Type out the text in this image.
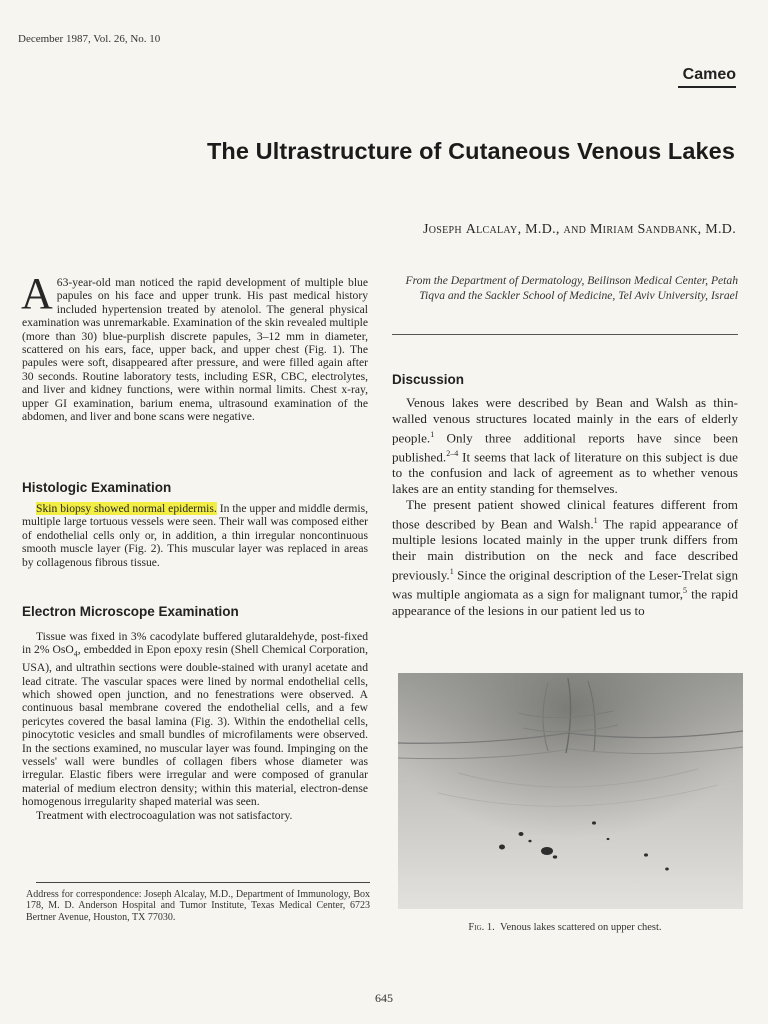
December 1987, Vol. 26, No. 10
Cameo
The Ultrastructure of Cutaneous Venous Lakes
Joseph Alcalay, M.D., and Miriam Sandbank, M.D.
A 63-year-old man noticed the rapid development of multiple blue papules on his face and upper trunk. His past medical history included hypertension treated by atenolol. The general physical examination was unremarkable. Examination of the skin revealed multiple (more than 30) blue-purplish discrete papules, 3–12 mm in diameter, scattered on his ears, face, upper back, and upper chest (Fig. 1). The papules were soft, disappeared after pressure, and were filled again after 30 seconds. Routine laboratory tests, including ESR, CBC, electrolytes, and liver and kidney functions, were within normal limits. Chest x-ray, upper GI examination, barium enema, ultrasound examination of the abdomen, and liver and bone scans were negative.
Histologic Examination

Skin biopsy showed normal epidermis. In the upper and middle dermis, multiple large tortuous vessels were seen. Their wall was composed either of endothelial cells only or, in addition, a thin irregular noncontinuous smooth muscle layer (Fig. 2). This muscular layer was replaced in areas by collagenous fibrous tissue.

Electron Microscope Examination

Tissue was fixed in 3% cacodylate buffered glutaraldehyde, post-fixed in 2% OsO$_4$, embedded in Epon epoxy resin (Shell Chemical Corporation, USA), and ultrathin sections were double-stained with uranyl acetate and lead citrate. The vascular spaces were lined by normal endothelial cells, which showed open junction, and no fenestrations were observed. A continuous basal membrane covered the endothelial cells, and a few pericytes covered the basal lamina (Fig. 3). Within the endothelial cells, pinocytotic vesicles and small bundles of microfilaments were observed. In the sections examined, no muscular layer was found. Impinging on the vessels' wall were bundles of collagen fibers whose diameter was irregular. Elastic fibers were irregular and were composed of granular material of medium electron density; within this material, electron-dense homogenous irregularity shaped material was seen.

Treatment with electrocoagulation was not satisfactory.

Address for correspondence: Joseph Alcalay, M.D., Department of Immunology, Box 178, M. D. Anderson Hospital and Tumor Institute, Texas Medical Center, 6723 Bertner Avenue, Houston, TX 77030.
From the Department of Dermatology, Beilinson Medical Center, Petah Tiqva and the Sackler School of Medicine, Tel Aviv University, Israel
Discussion

Venous lakes were described by Bean and Walsh as thin-walled venous structures located mainly in the ears of elderly people.$^1$ Only three additional reports have since been published.$^{2-4}$ It seems that lack of literature on this subject is due to the confusion and lack of agreement as to whether venous lakes are an entity standing for themselves.

The present patient showed clinical features different from those described by Bean and Walsh.$^1$ The rapid appearance of multiple lesions located mainly in the upper trunk differs from their main distribution on the neck and face described previously.$^1$ Since the original description of the Leser-Trelat sign was multiple angiomata as a sign for malignant tumor,$^5$ the rapid appearance of the lesions in our patient led us to

Fig. 1. Venous lakes scattered on upper chest.
645
